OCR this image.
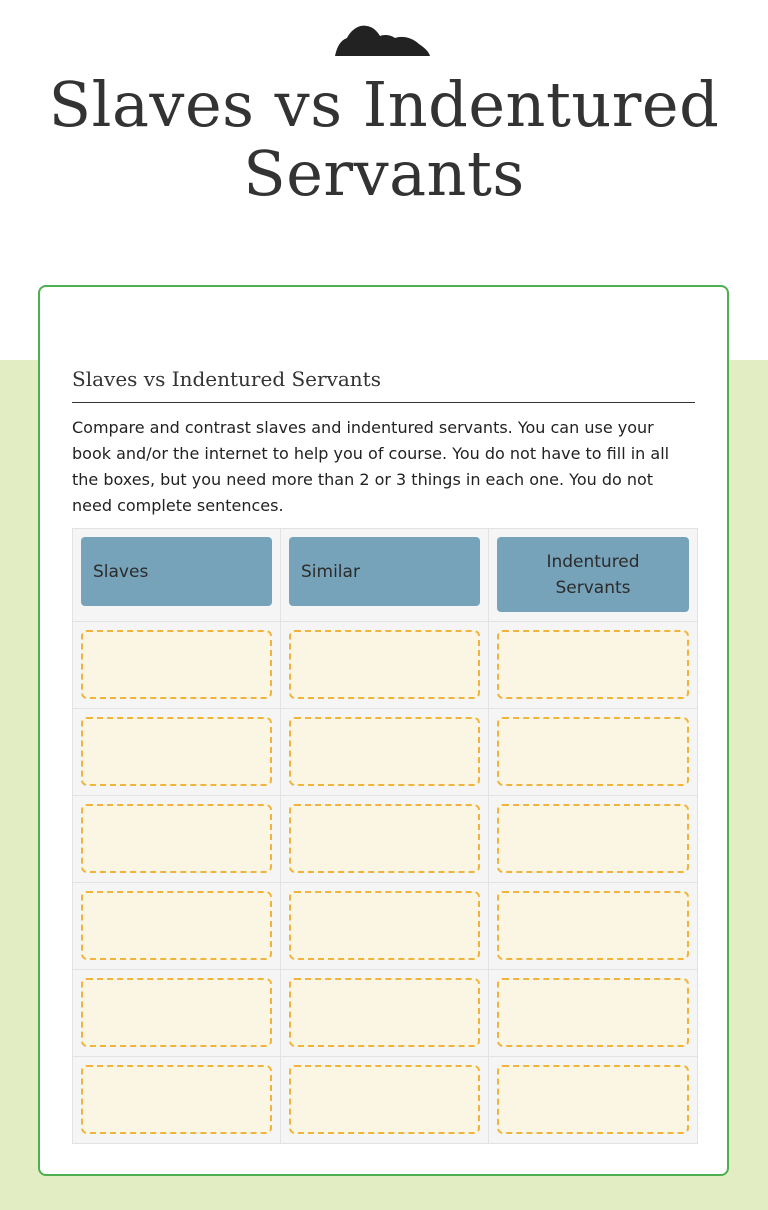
Slaves vs Indentured Servants
Slaves vs Indentured Servants
Compare and contrast slaves and indentured servants. You can use your book and/or the internet to help you of course. You do not have to fill in all the boxes, but you need more than 2 or 3 things in each one. You do not need complete sentences.
Slaves	Similar	Indentured Servants
